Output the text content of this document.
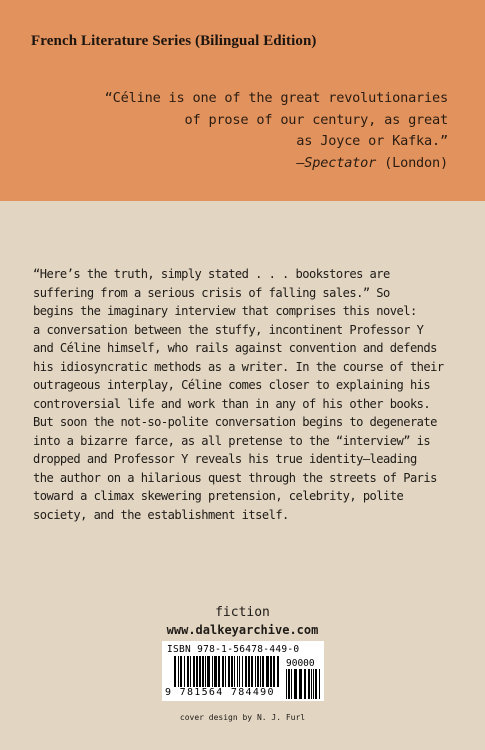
French Literature Series (Bilingual Edition)
“Céline is one of the great revolutionaries
of prose of our century, as great
as Joyce or Kafka.”
—Spectator (London)
“Here’s the truth, simply stated . . . bookstores are
suffering from a serious crisis of falling sales.” So
begins the imaginary interview that comprises this novel:
a conversation between the stuffy, incontinent Professor Y
and Céline himself, who rails against convention and defends
his idiosyncratic methods as a writer. In the course of their
outrageous interplay, Céline comes closer to explaining his
controversial life and work than in any of his other books.
But soon the not-so-polite conversation begins to degenerate
into a bizarre farce, as all pretense to the “interview” is
dropped and Professor Y reveals his true identity—leading
the author on a hilarious quest through the streets of Paris
toward a climax skewering pretension, celebrity, polite
society, and the establishment itself.
fiction
www.dalkeyarchive.com
ISBN 978-1-56478-449-0
90000
9 781564 784490
cover design by N. J. Furl
